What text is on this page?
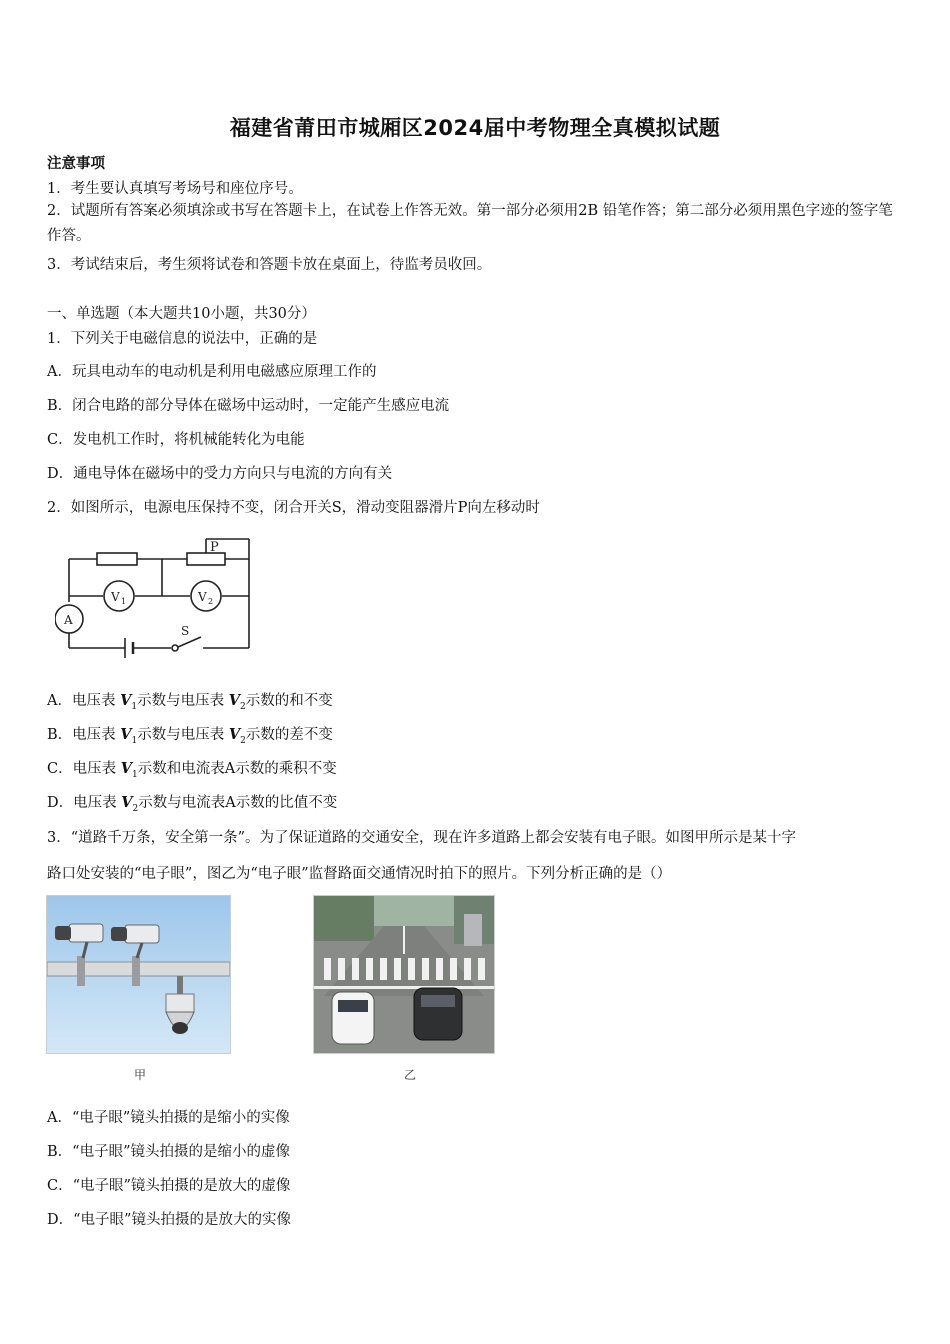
福建省莆田市城厢区2024届中考物理全真模拟试题
注意事项
1．考生要认真填写考场号和座位序号。
2．试题所有答案必须填涂或书写在答题卡上，在试卷上作答无效。第一部分必须用2B 铅笔作答；第二部分必须用黑色字迹的签字笔作答。
3．考试结束后，考生须将试卷和答题卡放在桌面上，待监考员收回。
一、单选题（本大题共10小题，共30分）
1．下列关于电磁信息的说法中，正确的是
A．玩具电动车的电动机是利用电磁感应原理工作的
B．闭合电路的部分导体在磁场中运动时，一定能产生感应电流
C．发电机工作时，将机械能转化为电能
D．通电导体在磁场中的受力方向只与电流的方向有关
2．如图所示，电源电压保持不变，闭合开关S，滑动变阻器滑片P向左移动时
P
V 1	V 2
A
S
A．电压表 $V_1$示数与电压表 $V_2$示数的和不变
B．电压表 $V_1$示数与电压表 $V_2$示数的差不变
C．电压表 $V_1$示数和电流表A示数的乘积不变
D．电压表 $V_2$示数与电流表A示数的比值不变
3．“道路千万条，安全第一条”。为了保证道路的交通安全，现在许多道路上都会安装有电子眼。如图甲所示是某十字
路口处安装的“电子眼”，图乙为“电子眼”监督路面交通情况时拍下的照片。下列分析正确的是（）
甲	乙
A．“电子眼”镜头拍摄的是缩小的实像
B．“电子眼”镜头拍摄的是缩小的虚像
C．“电子眼”镜头拍摄的是放大的虚像
D．“电子眼”镜头拍摄的是放大的实像
